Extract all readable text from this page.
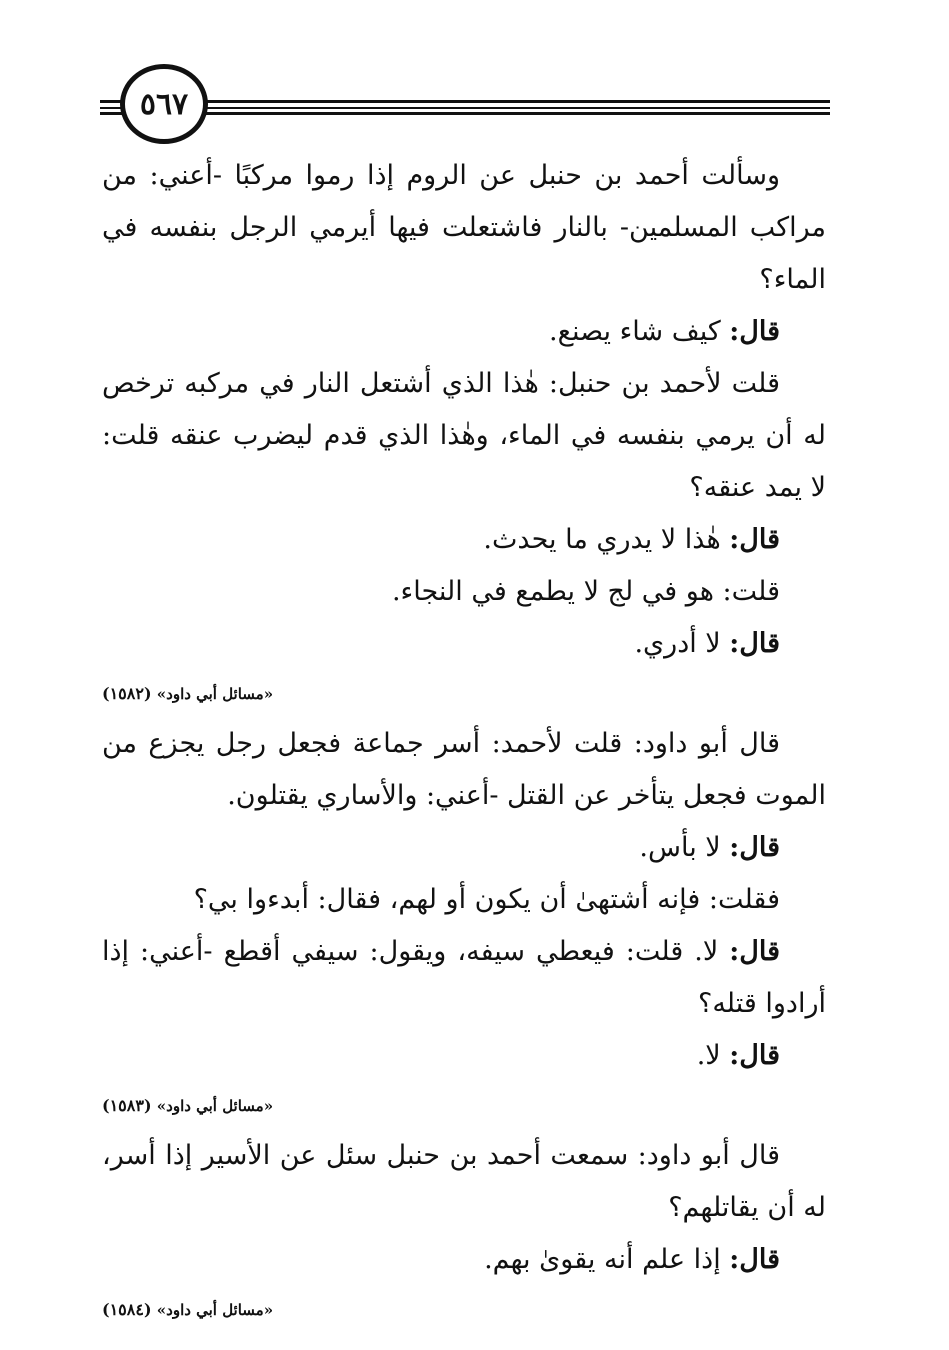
٥٦٧

وسألت أحمد بن حنبل عن الروم إذا رموا مركبًا -أعني: من مراكب المسلمين- بالنار فاشتعلت فيها أيرمي الرجل بنفسه في الماء؟

قال: كيف شاء يصنع.

قلت لأحمد بن حنبل: هٰذا الذي أشتعل النار في مركبه ترخص له أن يرمي بنفسه في الماء، وهٰذا الذي قدم ليضرب عنقه قلت: لا يمد عنقه؟

قال: هٰذا لا يدري ما يحدث.

قلت: هو في لج لا يطمع في النجاء.

قال: لا أدري.

«مسائل أبي داود» (١٥٨٢)

قال أبو داود: قلت لأحمد: أسر جماعة فجعل رجل يجزع من الموت فجعل يتأخر عن القتل -أعني: والأساري يقتلون.

قال: لا بأس.

فقلت: فإنه أشتهىٰ أن يكون أو لهم، فقال: أبدءوا بي؟

قال: لا. قلت: فيعطي سيفه، ويقول: سيفي أقطع -أعني: إذا أرادوا قتله؟

قال: لا.

«مسائل أبي داود» (١٥٨٣)

قال أبو داود: سمعت أحمد بن حنبل سئل عن الأسير إذا أسر، له أن يقاتلهم؟

قال: إذا علم أنه يقوىٰ بهم.

«مسائل أبي داود» (١٥٨٤)
